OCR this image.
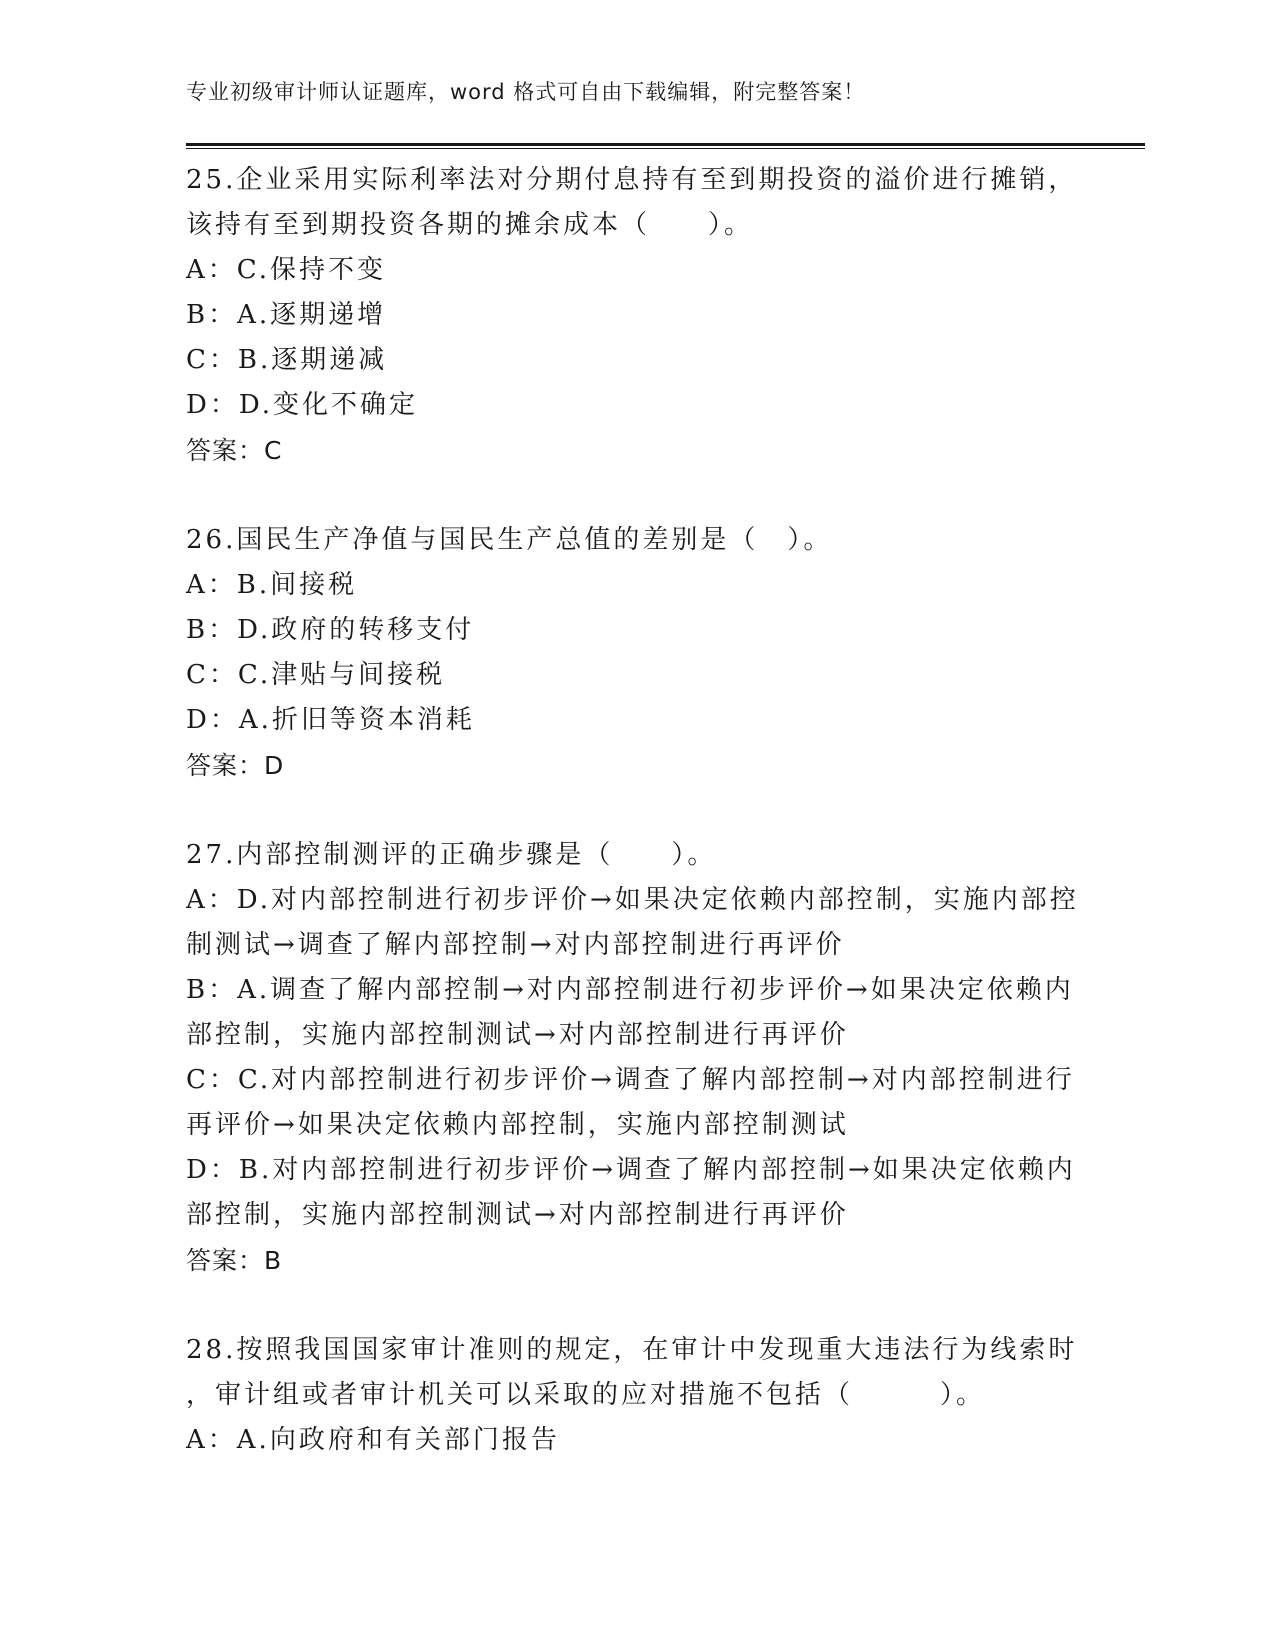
专业初级审计师认证题库，word 格式可自由下载编辑，附完整答案！
25.企业采用实际利率法对分期付息持有至到期投资的溢价进行摊销，
该持有至到期投资各期的摊余成本（　　）。
A：C.保持不变
B：A.逐期递增
C：B.逐期递减
D：D.变化不确定
答案：C
26.国民生产净值与国民生产总值的差别是（　）。
A：B.间接税
B：D.政府的转移支付
C：C.津贴与间接税
D：A.折旧等资本消耗
答案：D
27.内部控制测评的正确步骤是（　　）。
A：D.对内部控制进行初步评价→如果决定依赖内部控制，实施内部控
制测试→调查了解内部控制→对内部控制进行再评价
B：A.调查了解内部控制→对内部控制进行初步评价→如果决定依赖内
部控制，实施内部控制测试→对内部控制进行再评价
C：C.对内部控制进行初步评价→调查了解内部控制→对内部控制进行
再评价→如果决定依赖内部控制，实施内部控制测试
D：B.对内部控制进行初步评价→调查了解内部控制→如果决定依赖内
部控制，实施内部控制测试→对内部控制进行再评价
答案：B
28.按照我国国家审计准则的规定，在审计中发现重大违法行为线索时
，审计组或者审计机关可以采取的应对措施不包括（　　　）。
A：A.向政府和有关部门报告
